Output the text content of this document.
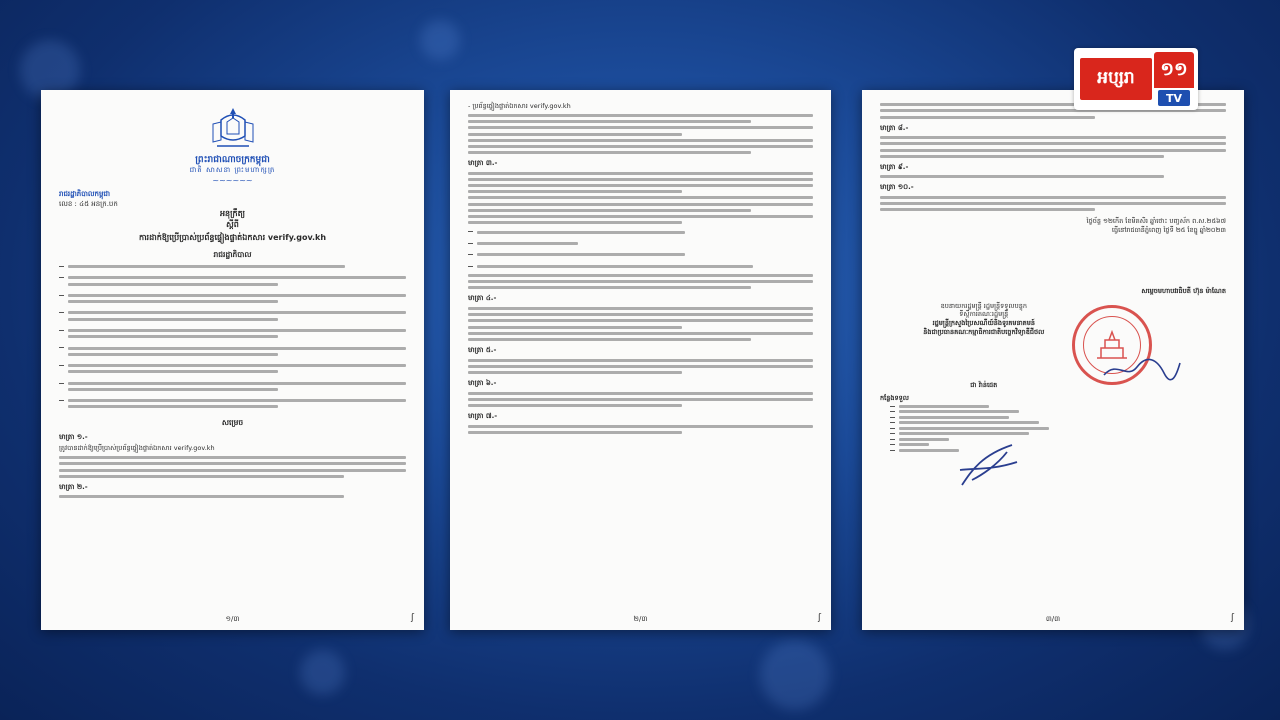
ព្រះរាជាណាចក្រកម្ពុជា
ជាតិ សាសនា ព្រះមហាក្សត្រ
~~~~~~
រាជរដ្ឋាភិបាលកម្ពុជា
លេខ : ៤៥ អនក្រ.បក
អនុក្រឹត្យ
ស្តីពី
ការដាក់ឱ្យប្រើប្រាស់ប្រព័ន្ធផ្ទៀងផ្ទាត់ឯកសារ verify.gov.kh
រាជរដ្ឋាភិបាល
សម្រេច
មាត្រា ១.-
ត្រូវបានដាក់ឱ្យប្រើប្រាស់ប្រព័ន្ធផ្ទៀងផ្ទាត់ឯកសារ verify.gov.kh
មាត្រា ២.-
១/៣	ʃ
- ប្រព័ន្ធផ្ទៀងផ្ទាត់ឯកសារ verify.gov.kh
មាត្រា ៣.-
មាត្រា ៤.-
មាត្រា ៥.-
មាត្រា ៦.-
មាត្រា ៧.-
២/៣	ʃ
មាត្រា ៨.-
មាត្រា ៩.-
មាត្រា ១០.-
ថ្ងៃច័ន្ទ ១២កើត ខែមិគសិរ ឆ្នាំថោះ បញ្ចស័ក ព.ស.២៥៦៧
ធ្វើនៅរាជធានីភ្នំពេញ ថ្ងៃទី ២៥ ខែធ្នូ ឆ្នាំ២០២៣
សម្តេចមហាបវរធិបតី ហ៊ុន ម៉ាណែត
ឧបនាយករដ្ឋមន្ត្រី រដ្ឋមន្ត្រីទទួលបន្ទុក
ទីស្តីការគណៈរដ្ឋមន្ត្រី
រដ្ឋមន្ត្រីក្រសួងប្រៃសណីយ៍និងទូរគមនាគមន៍
និងជាប្រធានគណៈកម្មាធិការជាតិបច្ចេកវិទ្យាឌីជីថល
ជា វ៉ាន់ដេត
កន្លែងទទួល
៣/៣	ʃ
អប្សរា	១១
APSARA
TV
